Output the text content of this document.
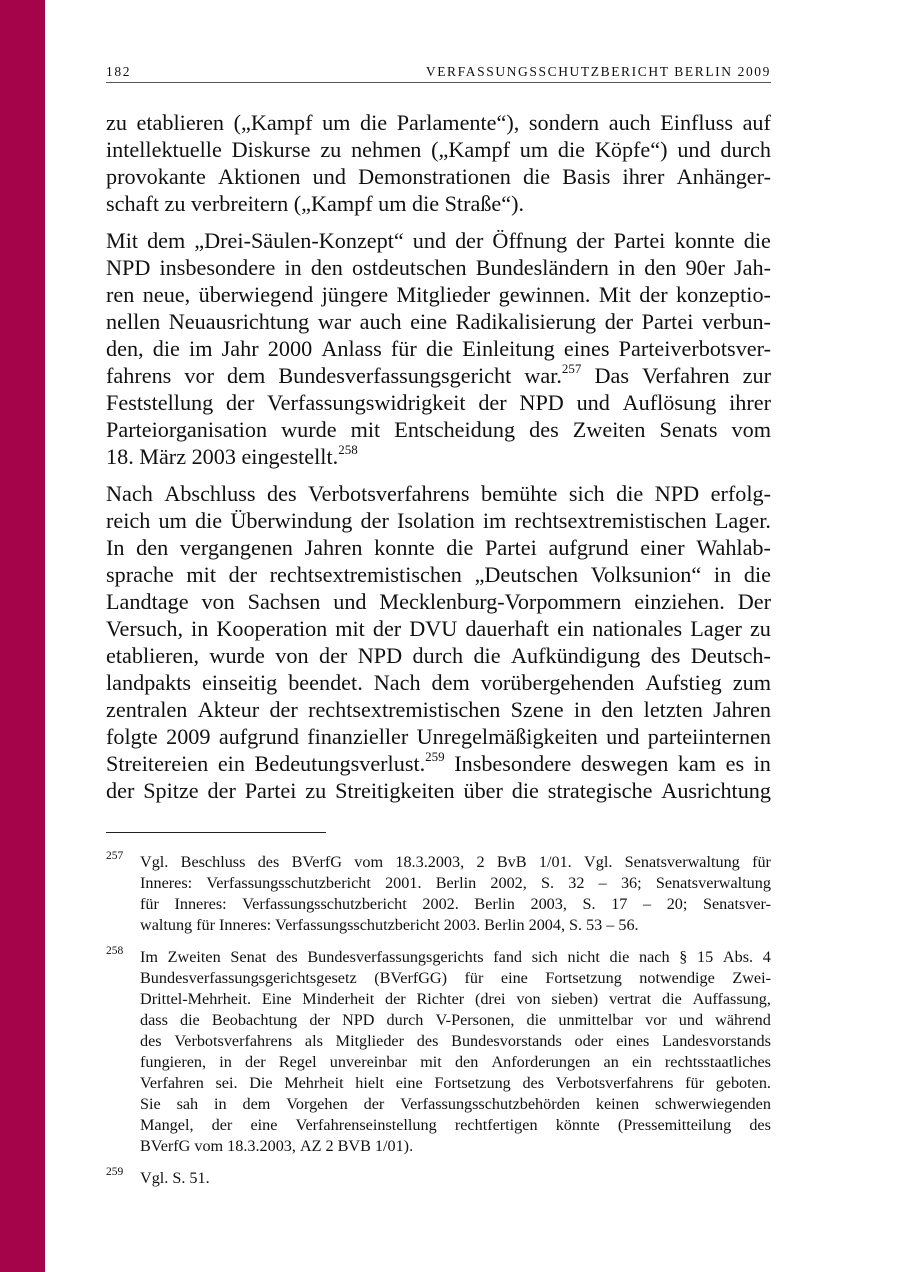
182	VERFASSUNGSSCHUTZBERICHT BERLIN 2009
zu etablieren („Kampf um die Parlamente“), sondern auch Einfluss auf
intellektuelle Diskurse zu nehmen („Kampf um die Köpfe“) und durch
provokante Aktionen und Demonstrationen die Basis ihrer Anhänger-
schaft zu verbreitern („Kampf um die Straße“).
Mit dem „Drei-Säulen-Konzept“ und der Öffnung der Partei konnte die
NPD insbesondere in den ostdeutschen Bundesländern in den 90er Jah-
ren neue, überwiegend jüngere Mitglieder gewinnen. Mit der konzeptio-
nellen Neuausrichtung war auch eine Radikalisierung der Partei verbun-
den, die im Jahr 2000 Anlass für die Einleitung eines Parteiverbotsver-
fahrens vor dem Bundesverfassungsgericht war.$^{257}$ Das Verfahren zur
Feststellung der Verfassungswidrigkeit der NPD und Auflösung ihrer
Parteiorganisation wurde mit Entscheidung des Zweiten Senats vom
18. März 2003 eingestellt.$^{258}$
Nach Abschluss des Verbotsverfahrens bemühte sich die NPD erfolg-
reich um die Überwindung der Isolation im rechtsextremistischen Lager.
In den vergangenen Jahren konnte die Partei aufgrund einer Wahlab-
sprache mit der rechtsextremistischen „Deutschen Volksunion“ in die
Landtage von Sachsen und Mecklenburg-Vorpommern einziehen. Der
Versuch, in Kooperation mit der DVU dauerhaft ein nationales Lager zu
etablieren, wurde von der NPD durch die Aufkündigung des Deutsch-
landpakts einseitig beendet. Nach dem vorübergehenden Aufstieg zum
zentralen Akteur der rechtsextremistischen Szene in den letzten Jahren
folgte 2009 aufgrund finanzieller Unregelmäßigkeiten und parteiinternen
Streitereien ein Bedeutungsverlust.$^{259}$ Insbesondere deswegen kam es in
der Spitze der Partei zu Streitigkeiten über die strategische Ausrichtung
257 Vgl. Beschluss des BVerfG vom 18.3.2003, 2 BvB 1/01. Vgl. Senatsverwaltung für
Inneres: Verfassungsschutzbericht 2001. Berlin 2002, S. 32 – 36; Senatsverwaltung
für Inneres: Verfassungsschutzbericht 2002. Berlin 2003, S. 17 – 20; Senatsver-
waltung für Inneres: Verfassungsschutzbericht 2003. Berlin 2004, S. 53 – 56.
258 Im Zweiten Senat des Bundesverfassungsgerichts fand sich nicht die nach § 15 Abs. 4
Bundesverfassungsgerichtsgesetz (BVerfGG) für eine Fortsetzung notwendige Zwei-
Drittel-Mehrheit. Eine Minderheit der Richter (drei von sieben) vertrat die Auffassung,
dass die Beobachtung der NPD durch V-Personen, die unmittelbar vor und während
des Verbotsverfahrens als Mitglieder des Bundesvorstands oder eines Landesvorstands
fungieren, in der Regel unvereinbar mit den Anforderungen an ein rechtsstaatliches
Verfahren sei. Die Mehrheit hielt eine Fortsetzung des Verbotsverfahrens für geboten.
Sie sah in dem Vorgehen der Verfassungsschutzbehörden keinen schwerwiegenden
Mangel, der eine Verfahrenseinstellung rechtfertigen könnte (Pressemitteilung des
BVerfG vom 18.3.2003, AZ 2 BVB 1/01).
259 Vgl. S. 51.
